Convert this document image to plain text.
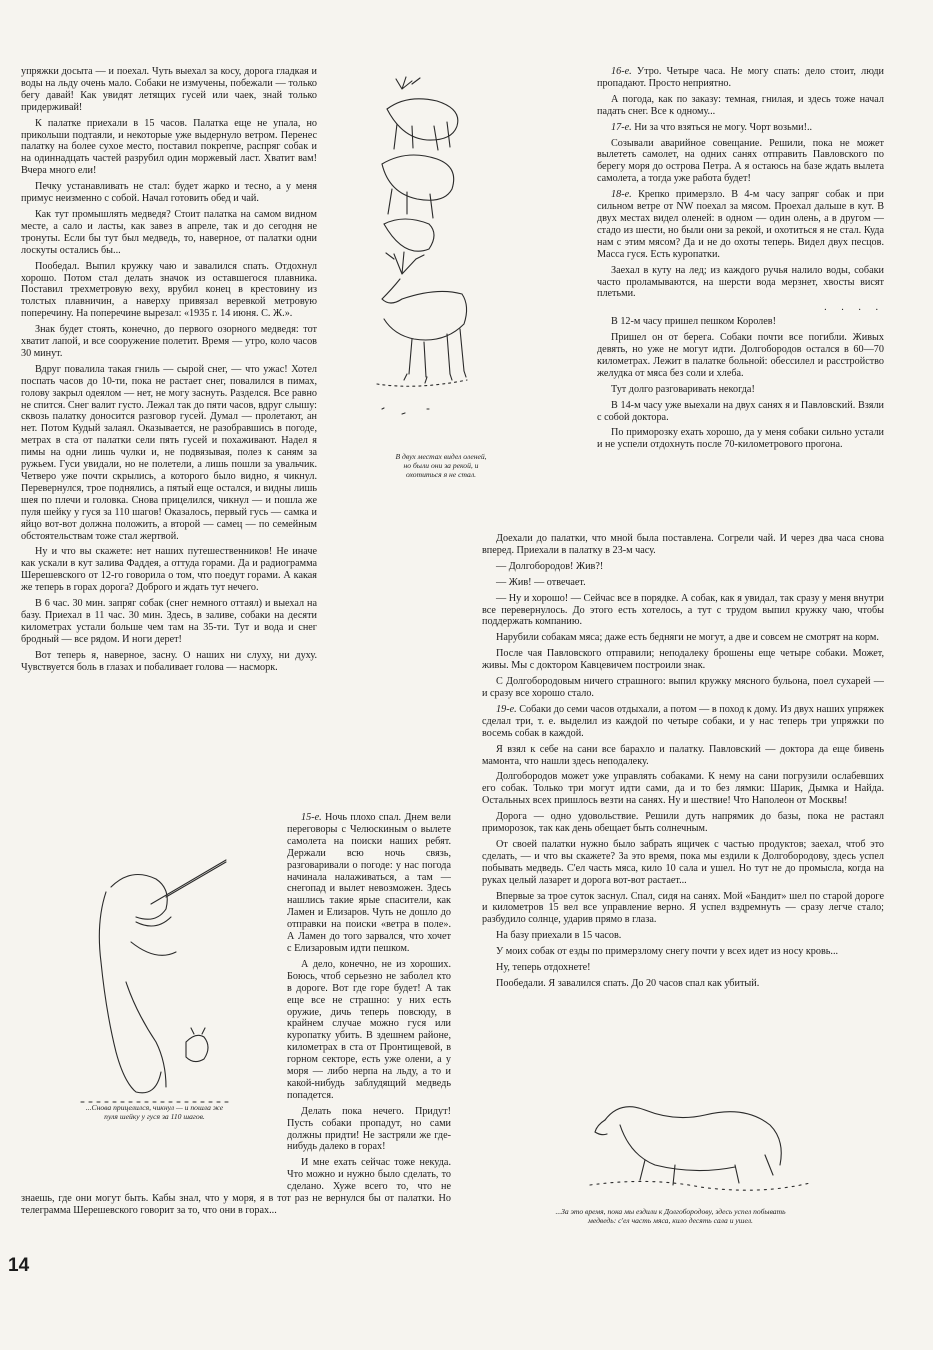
упряжки досыта — и поехал. Чуть выехал за косу, дорога гладкая и воды на льду очень мало. Собаки не измучены, побежали — только бегу давай! Как увидят летящих гусей или чаек, знай только придерживай!

К палатке приехали в 15 часов. Палатка еще не упала, но прикольши подтаяли, и некоторые уже выдернуло ветром. Перенес палатку на более сухое место, поставил покрепче, распряг собак и на одиннадцать частей разрубил один моржевый ласт. Хватит вам! Вчера много ели!

Печку устанавливать не стал: будет жарко и тесно, а у меня примус неизменно с собой. Начал готовить обед и чай.

Как тут промышлять медведя? Стоит палатка на самом видном месте, а сало и ласты, как завез в апреле, так и до сегодня не тронуты. Если бы тут был медведь, то, наверное, от палатки одни лоскуты остались бы...

Пообедал. Выпил кружку чаю и завалился спать. Отдохнул хорошо. Потом стал делать значок из оставшегося плавника. Поставил трехметровую веху, врубил конец в крестовину из толстых плавничин, а наверху привязал веревкой метровую поперечину. На поперечине вырезал: «1935 г. 14 июня. С. Ж.».

Знак будет стоять, конечно, до первого озорного медведя: тот хватит лапой, и все сооружение полетит. Время — утро, коло часов 30 минут.

Вдруг повалила такая гниль — сырой снег, — что ужас! Хотел поспать часов до 10-ти, пока не растает снег, повалился в пимах, голову закрыл одеялом — нет, не могу заснуть. Разделся. Все равно не спится. Снег валит густо. Лежал так до пяти часов, вдруг слышу: сквозь палатку доносится разговор гусей. Думал — пролетают, ан нет. Потом Кудый залаял. Оказывается, не разобравшись в погоде, метрах в ста от палатки сели пять гусей и похаживают. Надел я пимы на одни лишь чулки и, не подвязывая, полез к саням за ружьем. Гуси увидали, но не полетели, а лишь пошли за увальчик. Четверо уже почти скрылись, а которого было видно, я чикнул. Перевернулся, трое поднялись, а пятый еще остался, и видны лишь шея по плечи и головка. Снова прицелился, чикнул — и пошла же пуля шейку у гуся за 110 шагов! Оказалось, первый гусь — самка и яйцо вот-вот должна положить, а второй — самец — по семейным обстоятельствам тоже стал жертвой.

Ну и что вы скажете: нет наших путешественников! Не иначе как ускали в кут залива Фаддея, а оттуда горами. Да и радиограмма Шерешевского от 12-го говорила о том, что поедут горами. А какая же теперь в горах дорога? Доброго и ждать тут нечего.

В 6 час. 30 мин. запряг собак (снег немного оттаял) и выехал на базу. Приехал в 11 час. 30 мин. Здесь, в заливе, собаки на десяти километрах устали больше чем там на 35-ти. Тут и вода и снег бродный — все рядом. И ноги дерет!

Вот теперь я, наверное, засну. О наших ни слуху, ни духу. Чувствуется боль в глазах и побаливает голова — насморк.

В двух местах видел оленей, но были они за рекой, и охотиться я не стал.

15-е. Ночь плохо спал. Днем вели переговоры с Челюскиным о вылете самолета на поиски наших ребят. Держали всю ночь связь, разговаривали о погоде: у нас погода начинала налаживаться, а там — снегопад и вылет невозможен. Здесь нашлись такие ярые спасители, как Ламен и Елизаров. Чуть не дошло до отправки на поиски «ветра в поле». А Ламен до того зарвался, что хочет с Елизаровым идти пешком.

А дело, конечно, не из хороших. Боюсь, чтоб серьезно не заболел кто в дороге. Вот где горе будет! А так еще все не страшно: у них есть оружие, дичь теперь повсюду, в крайнем случае можно гуся или куропатку убить. В здешнем районе, километрах в ста от Пронтищевой, в горном секторе, есть уже олени, а у моря — либо нерпа на льду, а то и какой-нибудь заблудящий медведь попадется.

Делать пока нечего. Придут! Пусть собаки пропадут, но сами должны придти! Не застряли же где-нибудь далеко в горах!

И мне ехать сейчас тоже некуда. Что можно и нужно было сделать, то сделано. Хуже всего то, что не знаешь, где они могут быть. Кабы знал, что у моря, я в тот раз не вернулся бы от палатки. Но телеграмма Шерешевского говорит за то, что они в горах...

...Снова прицелился, чикнул — и пошла же пуля шейку у гуся за 110 шагов.

16-е. Утро. Четыре часа. Не могу спать: дело стоит, люди пропадают. Просто неприятно.

А погода, как по заказу: темная, гнилая, и здесь тоже начал падать снег. Все к одному...

17-е. Ни за что взяться не могу. Чорт возьми!..

Созывали аварийное совещание. Решили, пока не может вылететь самолет, на одних санях отправить Павловского по берегу моря до острова Петра. А я остаюсь на базе ждать вылета самолета, а тогда уже работа будет!

18-е. Крепко примерзло. В 4-м часу запряг собак и при сильном ветре от NW поехал за мясом. Проехал дальше в кут. В двух местах видел оленей: в одном — один олень, а в другом — стадо из шести, но были они за рекой, и охотиться я не стал. Куда нам с этим мясом? Да и не до охоты теперь. Видел двух песцов. Масса гуся. Есть куропатки.

Заехал в куту на лед; из каждого ручья налило воды, собаки часто проламываются, на шерсти вода мерзнет, хвосты висят плетьми.

. . . .

В 12-м часу пришел пешком Королев!

Пришел он от берега. Собаки почти все погибли. Живых девять, но уже не могут идти. Долгобородов остался в 60—70 километрах. Лежит в палатке больной: обессилел и расстройство желудка от мяса без соли и хлеба.

Тут долго разговаривать некогда!

В 14-м часу уже выехали на двух санях я и Павловский. Взяли с собой доктора.

По приморозку ехать хорошо, да у меня собаки сильно устали и не успели отдохнуть после 70-километрового прогона.

Доехали до палатки, что мной была поставлена. Согрели чай. И через два часа снова вперед. Приехали в палатку в 23-м часу.

— Долгобородов! Жив?!

— Жив! — отвечает.

— Ну и хорошо! — Сейчас все в порядке. А собак, как я увидал, так сразу у меня внутри все перевернулось. До этого есть хотелось, а тут с трудом выпил кружку чаю, чтобы поддержать компанию.

Нарубили собакам мяса; даже есть бедняги не могут, а две и совсем не смотрят на корм.

После чая Павловского отправили; неподалеку брошены еще четыре собаки. Может, живы. Мы с доктором Кавцевичем построили знак.

С Долгобородовым ничего страшного: выпил кружку мясного бульона, поел сухарей — и сразу все хорошо стало.

19-е. Собаки до семи часов отдыхали, а потом — в поход к дому. Из двух наших упряжек сделал три, т. е. выделил из каждой по четыре собаки, и у нас теперь три упряжки по восемь собак в каждой.

Я взял к себе на сани все барахло и палатку. Павловский — доктора да еще бивень мамонта, что нашли здесь неподалеку.

Долгобородов может уже управлять собаками. К нему на сани погрузили ослабевших его собак. Только три могут идти сами, да и то без лямки: Шарик, Дымка и Найда. Остальных всех пришлось везти на санях. Ну и шествие! Что Наполеон от Москвы!

Дорога — одно удовольствие. Решили дуть напрямик до базы, пока не растаял приморозок, так как день обещает быть солнечным.

От своей палатки нужно было забрать ящичек с частью продуктов; заехал, чтоб это сделать, — и что вы скажете? За это время, пока мы ездили к Долгобородову, здесь успел побывать медведь. С'ел часть мяса, кило 10 сала и ушел. Но тут не до промысла, когда на руках целый лазарет и дорога вот-вот растает...

Впервые за трое суток заснул. Спал, сидя на санях. Мой «Бандит» шел по старой дороге и километров 15 вел все управление верно. Я успел вздремнуть — сразу легче стало; разбудило солнце, ударив прямо в глаза.

На базу приехали в 15 часов.

У моих собак от езды по примерзлому снегу почти у всех идет из носу кровь...

Ну, теперь отдохнете!

Пообедали. Я завалился спать. До 20 часов спал как убитый.

...За это время, пока мы ездили к Долгобородову, здесь успел побывать медведь: с'ел часть мяса, кило десять сала и ушел.
14
